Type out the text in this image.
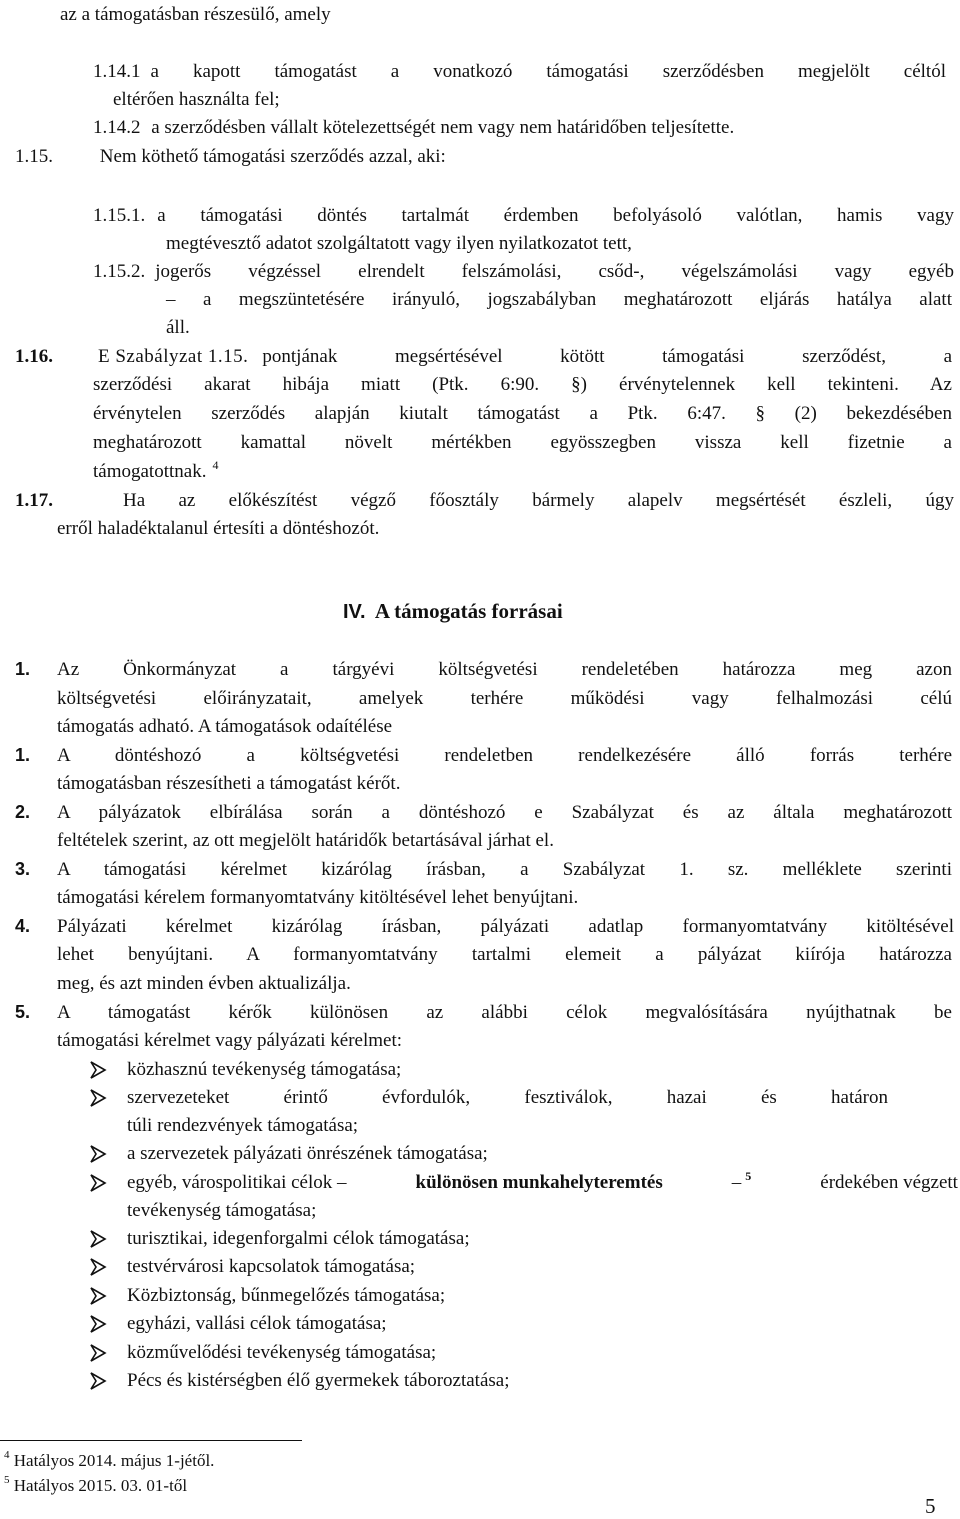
az a támogatásban részesülő, amely
1.14.1 a kapott támogatást a vonatkozó támogatási szerződésben megjelölt céltól
eltérően használta fel;
1.14.2 a szerződésben vállalt kötelezettségét nem vagy nem határidőben teljesítette.
1.15. Nem köthető támogatási szerződés azzal, aki:
1.15.1. a támogatási döntés tartalmát érdemben befolyásoló valótlan, hamis vagy
megtévesztő adatot szolgáltatott vagy ilyen nyilatkozatot tett,
1.15.2. jogerős végzéssel elrendelt felszámolási, csőd-, végelszámolási vagy egyéb
– a megszüntetésére irányuló, jogszabályban meghatározott eljárás hatálya alatt
áll.
1.16. E Szabályzat 1.15. pontjának megsértésével kötött támogatási szerződést, a
szerződési akarat hibája miatt (Ptk. 6:90. §) érvénytelennek kell tekinteni. Az
érvénytelen szerződés alapján kiutalt támogatást a Ptk. 6:47. § (2) bekezdésében
meghatározott kamattal növelt mértékben egyösszegben vissza kell fizetnie a
támogatottnak. $^4$
1.17.	Ha az előkészítést végző főosztály bármely alapelv megsértését észleli, úgy
erről haladéktalanul értesíti a döntéshozót.
IV. A támogatás forrásai
1. Az Önkormányzat a tárgyévi költségvetési rendeletében határozza meg azon
költségvetési előirányzatait, amelyek terhére működési vagy felhalmozási célú
támogatás adható. A támogatások odaítélése
1. A döntéshozó a költségvetési rendeletben rendelkezésére álló forrás terhére
támogatásban részesítheti a támogatást kérőt.
2. A pályázatok elbírálása során a döntéshozó e Szabályzat és az általa meghatározott
feltételek szerint, az ott megjelölt határidők betartásával járhat el.
3. A támogatási kérelmet kizárólag írásban, a Szabályzat 1. sz. melléklete szerinti
támogatási kérelem formanyomtatvány kitöltésével lehet benyújtani.
4. Pályázati kérelmet kizárólag írásban, pályázati adatlap formanyomtatvány kitöltésével
lehet benyújtani. A formanyomtatvány tartalmi elemeit a pályázat kiírója határozza
meg, és azt minden évben aktualizálja.
5. A támogatást kérők különösen az alábbi célok megvalósítására nyújthatnak be
támogatási kérelmet vagy pályázati kérelmet:
közhasznú tevékenység támogatása;
szervezeteket érintő évfordulók, fesztiválok, hazai és határon
túli rendezvények támogatása;
a szervezetek pályázati önrészének támogatása;
egyéb, várospolitikai célok –	különösen munkahelyteremtés	– $^5$	érdekében végzett
tevékenység támogatása;
turisztikai, idegenforgalmi célok támogatása;
testvérvárosi kapcsolatok támogatása;
Közbiztonság, bűnmegelőzés támogatása;
egyházi, vallási célok támogatása;
közművelődési tevékenység támogatása;
Pécs és kistérségben élő gyermekek táboroztatása;
$^4$ Hatályos 2014. május 1-jétől.
$^5$ Hatályos 2015. 03. 01-től
5
